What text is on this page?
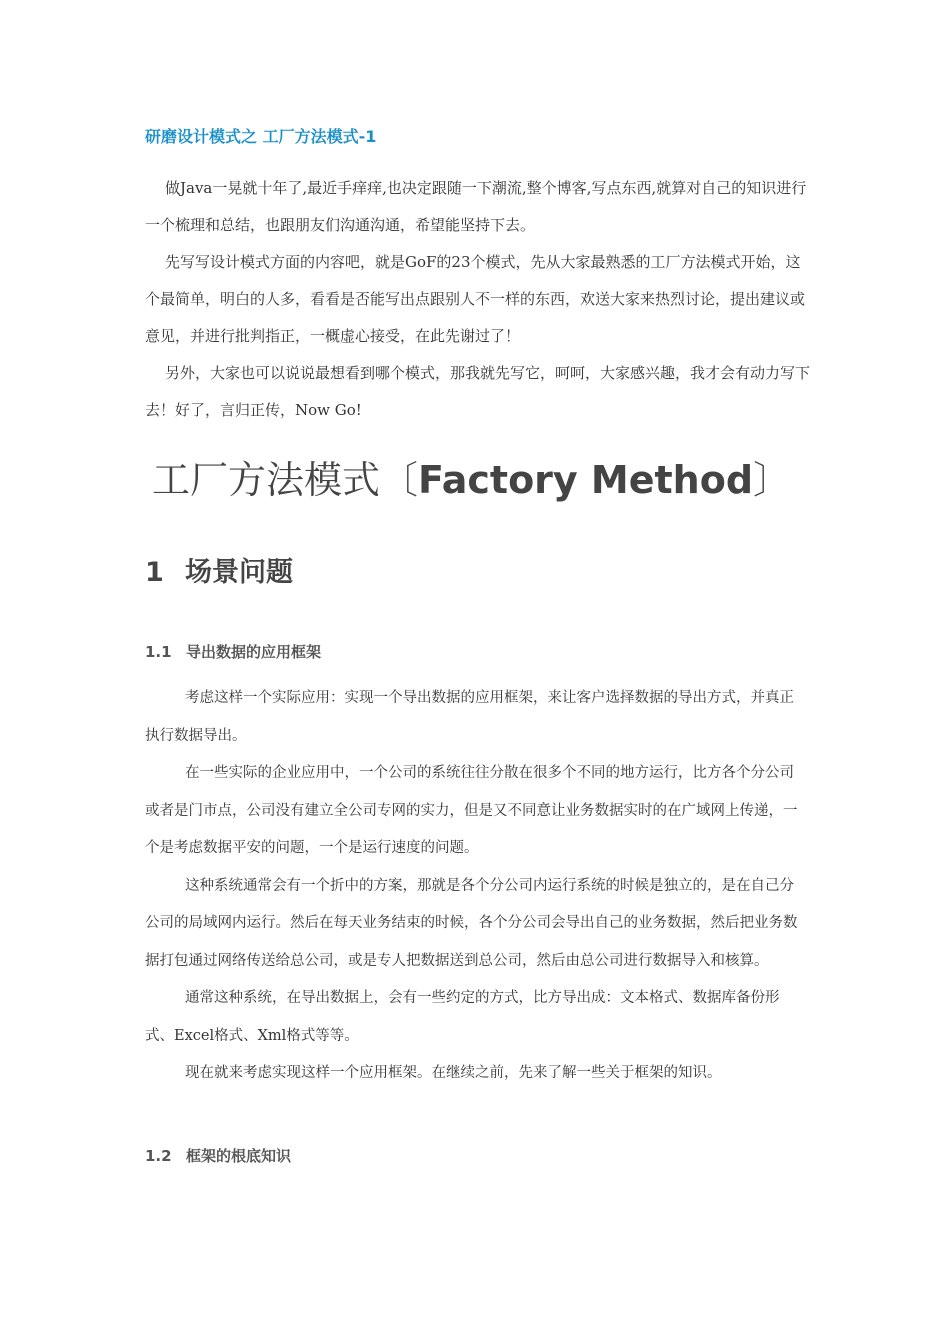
研磨设计模式之 工厂方法模式-1

做Java一晃就十年了,最近手痒痒,也决定跟随一下潮流,整个博客,写点东西,就算对自己的知识进行一个梳理和总结，也跟朋友们沟通沟通，希望能坚持下去。

先写写设计模式方面的内容吧，就是GoF的23个模式，先从大家最熟悉的工厂方法模式开始，这个最简单，明白的人多，看看是否能写出点跟别人不一样的东西，欢送大家来热烈讨论，提出建议或意见，并进行批判指正，一概虚心接受，在此先谢过了！

另外，大家也可以说说最想看到哪个模式，那我就先写它，呵呵，大家感兴趣，我才会有动力写下去！好了，言归正传，Now Go!

工厂方法模式〔Factory Method〕
1 场景问题
1.1 导出数据的应用框架

考虑这样一个实际应用：实现一个导出数据的应用框架，来让客户选择数据的导出方式，并真正执行数据导出。

在一些实际的企业应用中，一个公司的系统往往分散在很多个不同的地方运行，比方各个分公司或者是门市点，公司没有建立全公司专网的实力，但是又不同意让业务数据实时的在广域网上传递，一个是考虑数据平安的问题，一个是运行速度的问题。

这种系统通常会有一个折中的方案，那就是各个分公司内运行系统的时候是独立的，是在自己分公司的局域网内运行。然后在每天业务结束的时候，各个分公司会导出自己的业务数据，然后把业务数据打包通过网络传送给总公司，或是专人把数据送到总公司，然后由总公司进行数据导入和核算。

通常这种系统，在导出数据上，会有一些约定的方式，比方导出成：文本格式、数据库备份形式、Excel格式、Xml格式等等。

现在就来考虑实现这样一个应用框架。在继续之前，先来了解一些关于框架的知识。

1.2 框架的根底知识
